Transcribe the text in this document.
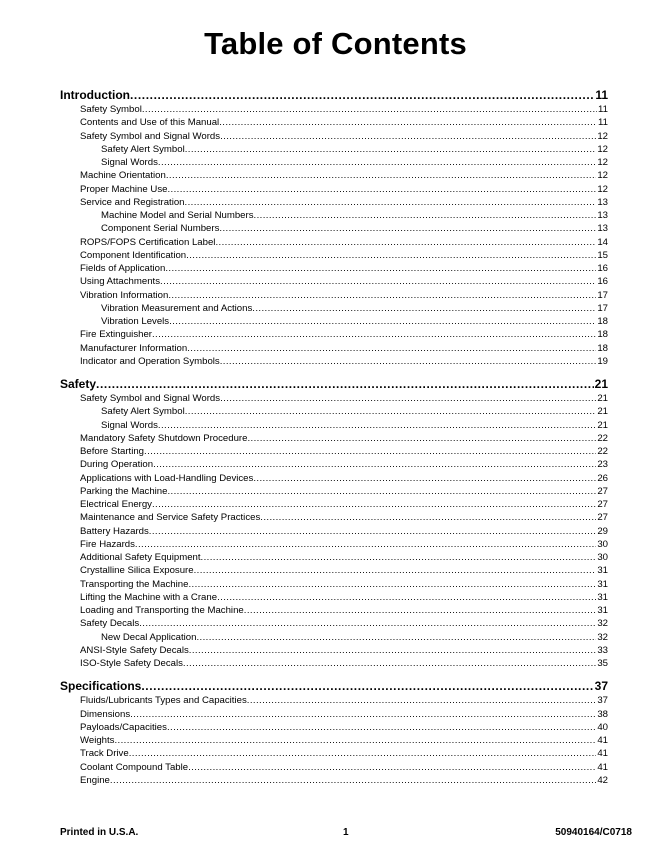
Table of Contents
Introduction .....	11
Safety Symbol .....	11
Contents and Use of this Manual .....	11
Safety Symbol and Signal Words .....	12
Safety Alert Symbol .....	12
Signal Words .....	12
Machine Orientation .....	12
Proper Machine Use .....	12
Service and Registration .....	13
Machine Model and Serial Numbers .....	13
Component Serial Numbers .....	13
ROPS/FOPS Certification Label .....	14
Component Identification .....	15
Fields of Application .....	16
Using Attachments .....	16
Vibration Information .....	17
Vibration Measurement and Actions .....	17
Vibration Levels .....	18
Fire Extinguisher .....	18
Manufacturer Information .....	18
Indicator and Operation Symbols .....	19
Safety .....	21
Safety Symbol and Signal Words .....	21
Safety Alert Symbol .....	21
Signal Words .....	21
Mandatory Safety Shutdown Procedure .....	22
Before Starting .....	22
During Operation .....	23
Applications with Load-Handling Devices .....	26
Parking the Machine .....	27
Electrical Energy .....	27
Maintenance and Service Safety Practices .....	27
Battery Hazards .....	29
Fire Hazards .....	30
Additional Safety Equipment .....	30
Crystalline Silica Exposure .....	31
Transporting the Machine .....	31
Lifting the Machine with a Crane .....	31
Loading and Transporting the Machine .....	31
Safety Decals .....	32
New Decal Application .....	32
ANSI-Style Safety Decals .....	33
ISO-Style Safety Decals .....	35
Specifications .....	37
Fluids/Lubricants Types and Capacities .....	37
Dimensions .....	38
Payloads/Capacities .....	40
Weights .....	41
Track Drive .....	41
Coolant Compound Table .....	41
Engine .....	42
Printed in U.S.A.	1	50940164/C0718
